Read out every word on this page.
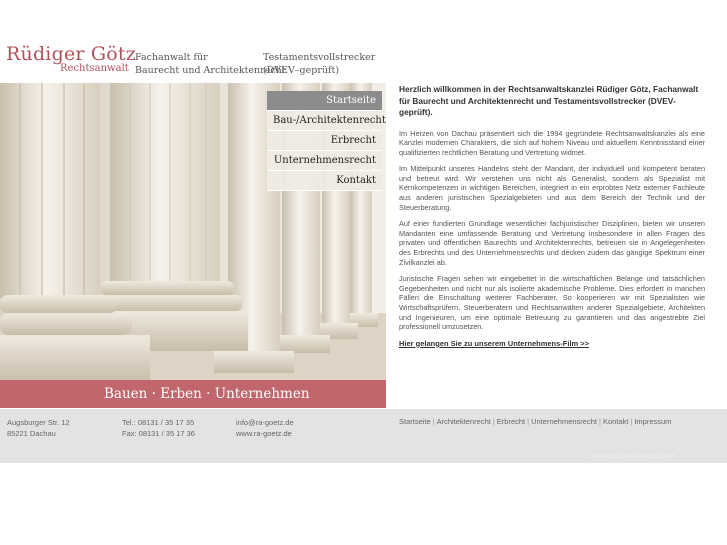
Rüdiger Götz
Rechtsanwalt
Fachanwalt für
Baurecht und Architektenrecht
Testamentsvollstrecker
(DVEV–geprüft)
Startseite
Bau-/Architektenrecht
Erbrecht
Unternehmensrecht
Kontakt
Bauen · Erben · Unternehmen
Herzlich willkommen in der Rechtsanwaltskanzlei Rüdiger Götz, Fachanwalt für Baurecht und Architektenrecht und Testamentsvollstrecker (DVEV-geprüft).

Im Herzen von Dachau präsentiert sich die 1994 gegründete Rechtsanwaltskanzlei als eine Kanzlei modernen Charakters, die sich auf hohem Niveau und aktuellem Kenntnisstand einer qualifizierten rechtlichen Beratung und Vertretung widmet.

Im Mittelpunkt unseres Handelns steht der Mandant, der individuell und kompetent beraten und betreut wird. Wir verstehen uns nicht als Generalist, sondern als Spezialist mit Kernkompetenzen in wichtigen Bereichen, integriert in ein erprobtes Netz externer Fachleute aus anderen juristischen Spezialgebieten und aus dem Bereich der Technik und der Steuerberatung.

Auf einer fundierten Grundlage wesentlicher fachjuristischer Disziplinen, bieten wir unseren Mandanten eine umfassende Beratung und Vertretung insbesondere in allen Fragen des privaten und öffentlichen Baurechts und Architektenrechts, betreuen sie in Angelegenheiten des Erbrechts und des Unternehmensrechts und decken zudem das gängige Spektrum einer Zivilkanzlei ab.

Juristische Fragen sehen wir eingebettet in die wirtschaftlichen Belange und tatsächlichen Gegebenheiten und nicht nur als isolierte akademische Probleme. Dies erfordert in manchen Fällen die Einschaltung weiterer Fachberater. So kooperieren wir mit Spezialisten wie Wirtschaftsprüfern, Steuerberatern und Rechtsanwälten anderer Spezialgebiete, Architekten und Ingenieuren, um eine optimale Betreuung zu garantieren und das angestrebte Ziel professionell umzusetzen.

Hier gelangen Sie zu unserem Unternehmens-Film >>
Augsburger Str. 12
85221 Dachau
Tel.: 08131 / 35 17 35
Fax: 08131 / 35 17 36
info@ra-goetz.de
www.ra-goetz.de
Startseite | Architektenrecht | Erbrecht | Unternehmensrecht | Kontakt | Impressum
Gestaltung Gert Fürstlich GmbH
